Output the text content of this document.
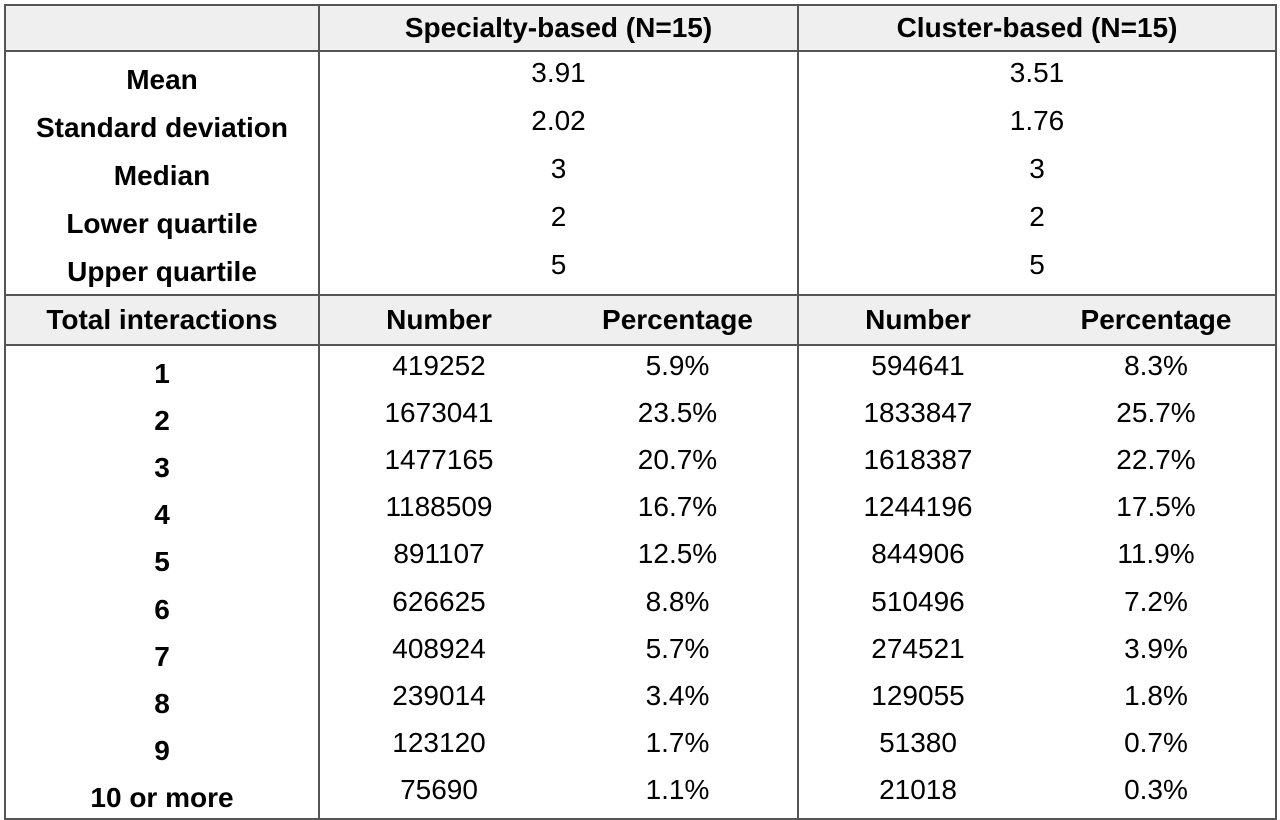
	Specialty-based (N=15)		Cluster-based (N=15)	
Mean	3.91		3.51	
Standard deviation	2.02		1.76	
Median	3		3	
Lower quartile	2		2	
Upper quartile	5		5	
Total interactions	Number	Percentage	Number	Percentage
1	419252	5.9%	594641	8.3%
2	1673041	23.5%	1833847	25.7%
3	1477165	20.7%	1618387	22.7%
4	1188509	16.7%	1244196	17.5%
5	891107	12.5%	844906	11.9%
6	626625	8.8%	510496	7.2%
7	408924	5.7%	274521	3.9%
8	239014	3.4%	129055	1.8%
9	123120	1.7%	51380	0.7%
10 or more	75690	1.1%	21018	0.3%
